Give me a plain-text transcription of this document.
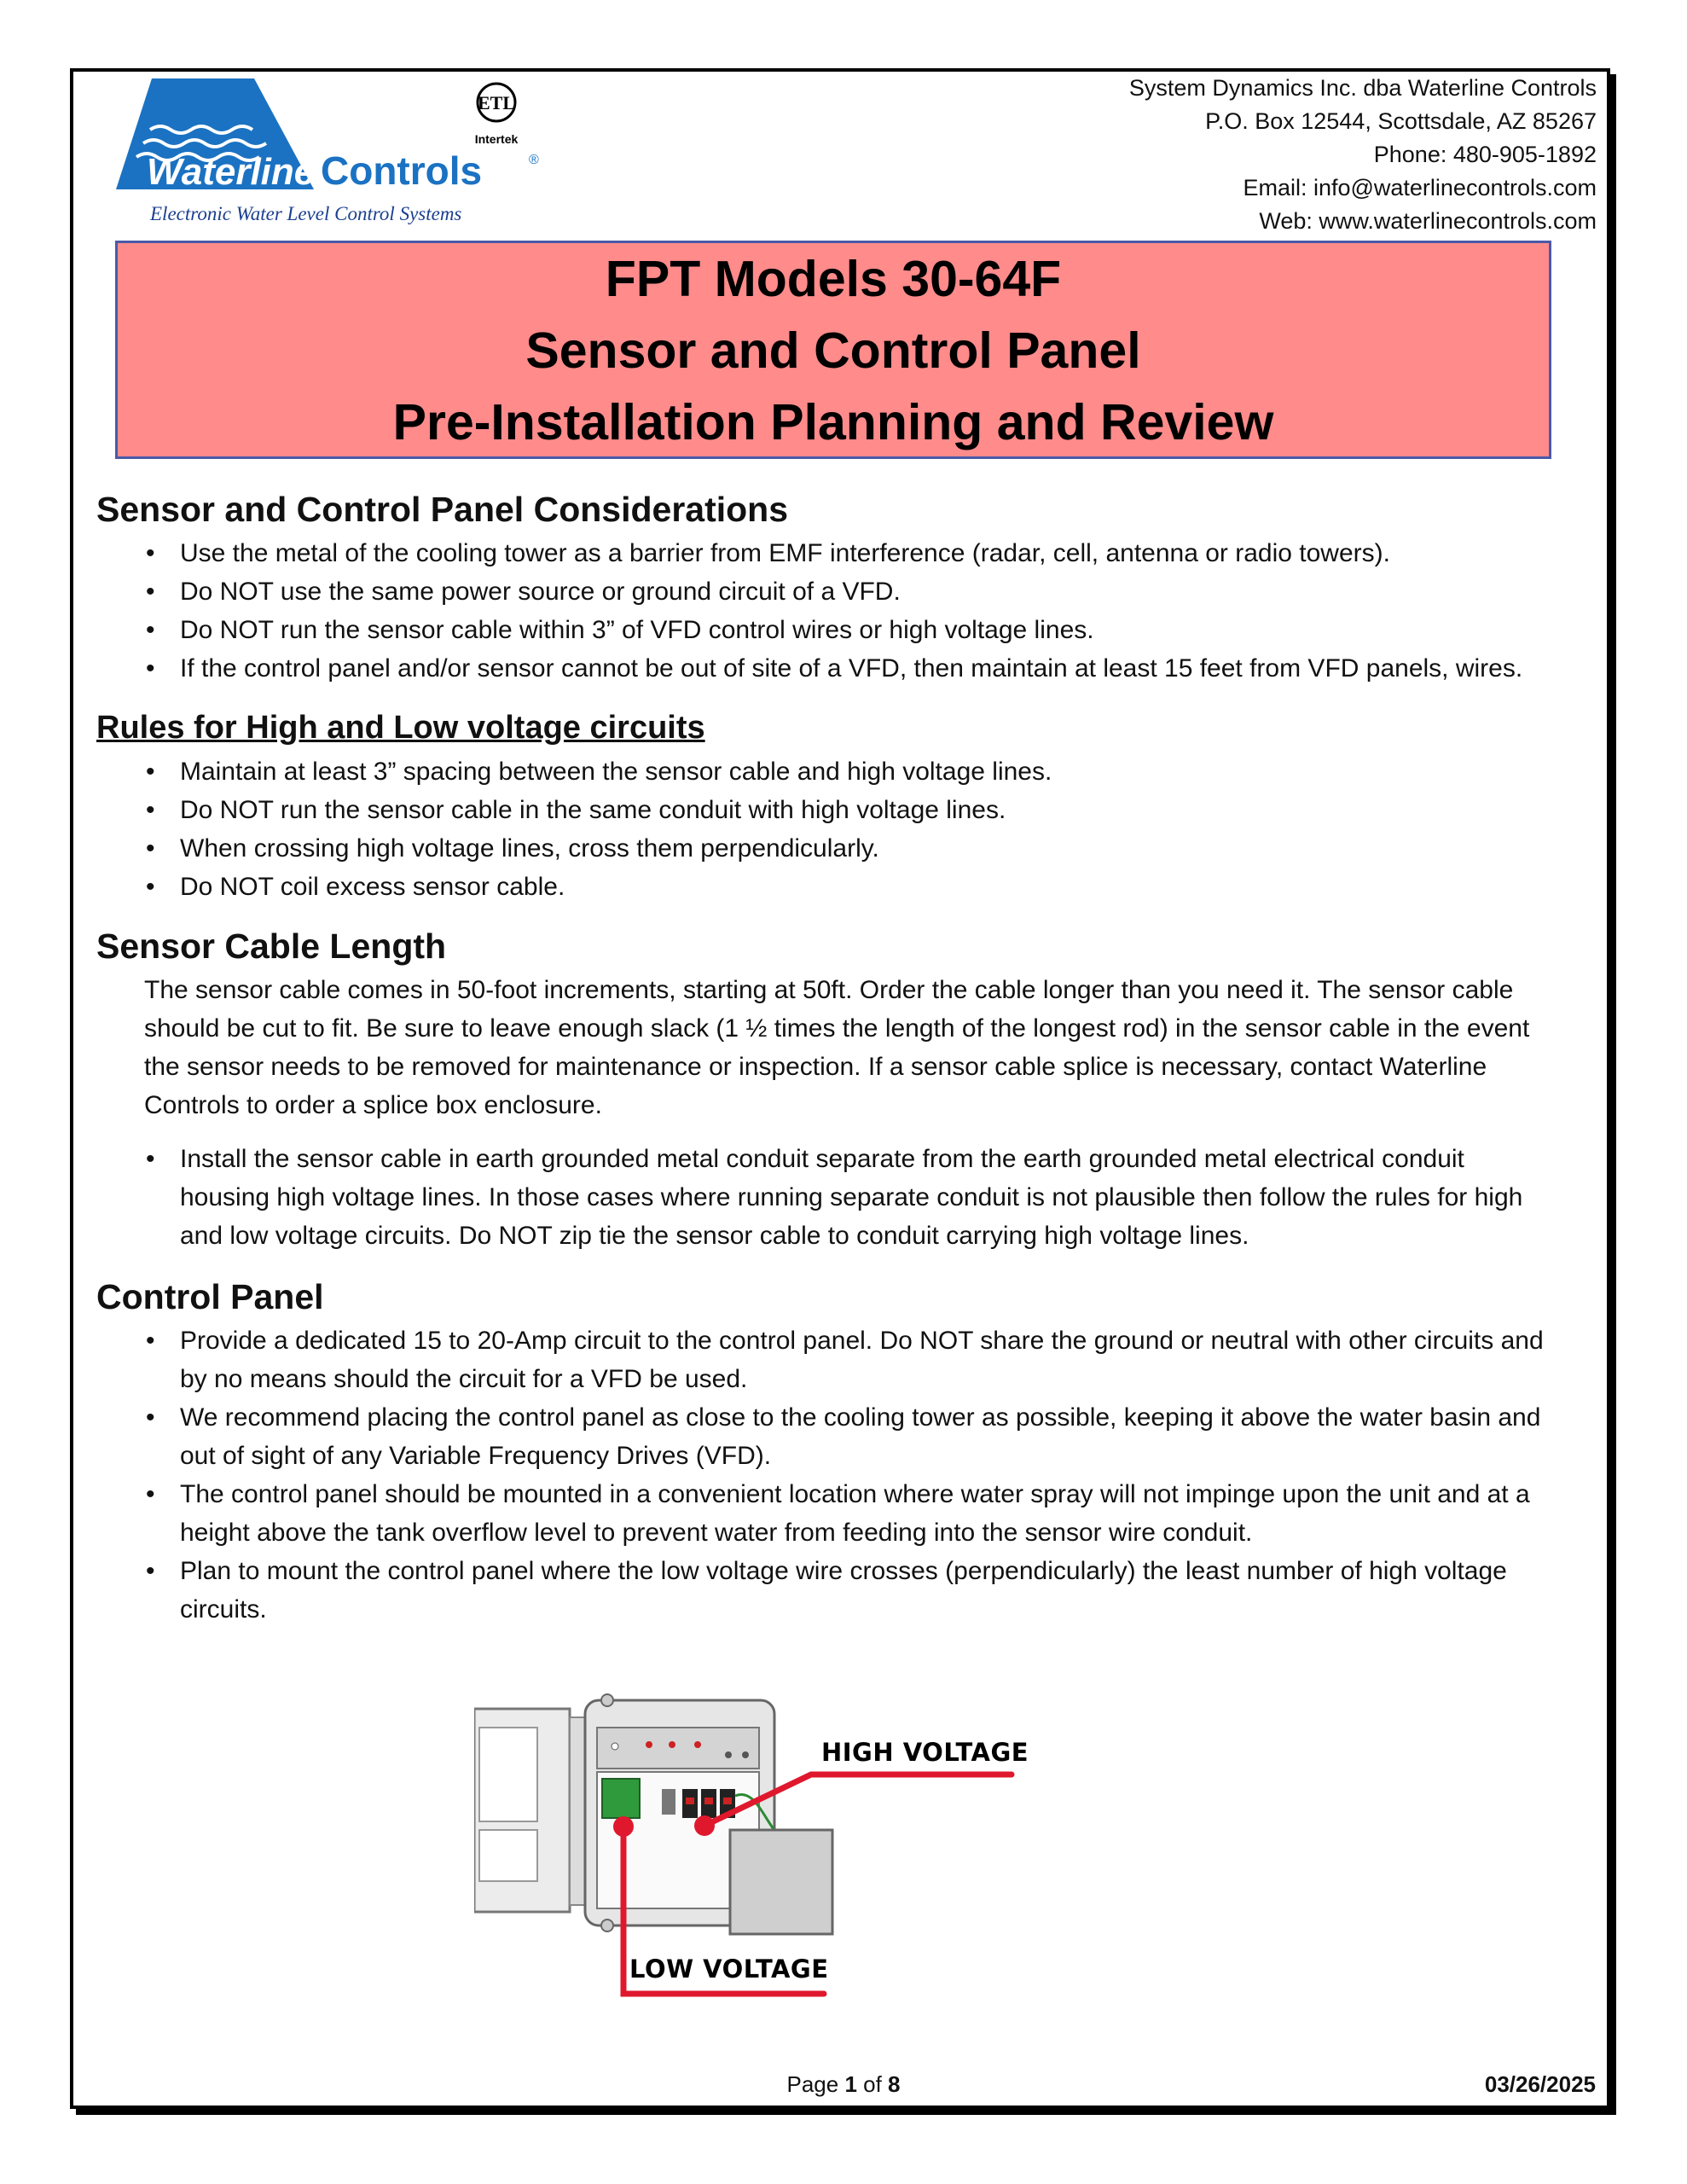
Waterline Controls	®
ETL
Intertek
Electronic Water Level Control Systems
System Dynamics Inc. dba Waterline Controls
P.O. Box 12544, Scottsdale, AZ 85267
Phone: 480-905-1892
Email: info@waterlinecontrols.com
Web: www.waterlinecontrols.com
FPT Models 30-64F
Sensor and Control Panel
Pre-Installation Planning and Review
Sensor and Control Panel Considerations
• Use the metal of the cooling tower as a barrier from EMF interference (radar, cell, antenna or radio towers).
• Do NOT use the same power source or ground circuit of a VFD.
• Do NOT run the sensor cable within 3” of VFD control wires or high voltage lines.
• If the control panel and/or sensor cannot be out of site of a VFD, then maintain at least 15 feet from VFD panels, wires.
Rules for High and Low voltage circuits
• Maintain at least 3” spacing between the sensor cable and high voltage lines.
• Do NOT run the sensor cable in the same conduit with high voltage lines.
• When crossing high voltage lines, cross them perpendicularly.
• Do NOT coil excess sensor cable.
Sensor Cable Length
The sensor cable comes in 50-foot increments, starting at 50ft. Order the cable longer than you need it. The sensor cable should be cut to fit. Be sure to leave enough slack (1 ½ times the length of the longest rod) in the sensor cable in the event the sensor needs to be removed for maintenance or inspection. If a sensor cable splice is necessary, contact Waterline Controls to order a splice box enclosure.
• Install the sensor cable in earth grounded metal conduit separate from the earth grounded metal electrical conduit housing high voltage lines. In those cases where running separate conduit is not plausible then follow the rules for high and low voltage circuits. Do NOT zip tie the sensor cable to conduit carrying high voltage lines.
Control Panel
• Provide a dedicated 15 to 20-Amp circuit to the control panel. Do NOT share the ground or neutral with other circuits and by no means should the circuit for a VFD be used.
• We recommend placing the control panel as close to the cooling tower as possible, keeping it above the water basin and out of sight of any Variable Frequency Drives (VFD).
• The control panel should be mounted in a convenient location where water spray will not impinge upon the unit and at a height above the tank overflow level to prevent water from feeding into the sensor wire conduit.
• Plan to mount the control panel where the low voltage wire crosses (perpendicularly) the least number of high voltage circuits.
HIGH VOLTAGE
LOW VOLTAGE
Page 1 of 8	03/26/2025
